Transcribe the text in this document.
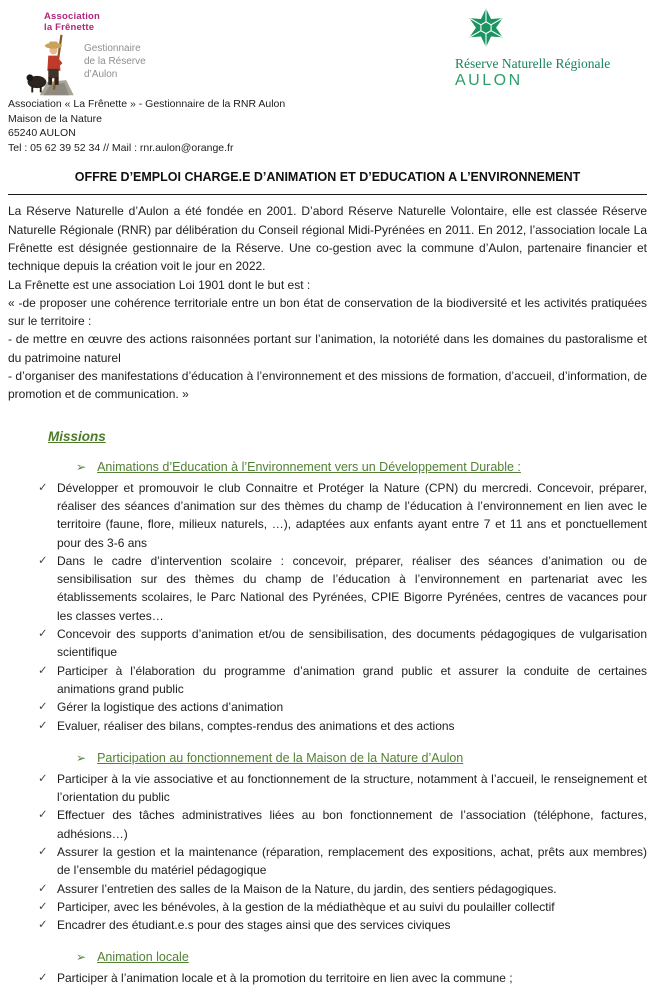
Association
la Frênette
Gestionnaire
de la Réserve
d’Aulon
Réserve Naturelle Régionale
AULON
Association « La Frênette » - Gestionnaire de la RNR Aulon
Maison de la Nature
65240 AULON
Tel : 05 62 39 52 34 // Mail : rnr.aulon@orange.fr
OFFRE D’EMPLOI CHARGE.E D’ANIMATION ET D’EDUCATION A L’ENVIRONNEMENT

La Réserve Naturelle d’Aulon a été fondée en 2001. D’abord Réserve Naturelle Volontaire, elle est classée Réserve Naturelle Régionale (RNR) par délibération du Conseil régional Midi-Pyrénées en 2011. En 2012, l’association locale La Frênette est désignée gestionnaire de la Réserve. Une co-gestion avec la commune d’Aulon, partenaire financier et technique depuis la création voit le jour en 2022.

La Frênette est une association Loi 1901 dont le but est :

« -de proposer une cohérence territoriale entre un bon état de conservation de la biodiversité et les activités pratiquées sur le territoire :

- de mettre en œuvre des actions raisonnées portant sur l’animation, la notoriété dans les domaines du pastoralisme et du patrimoine naturel

- d’organiser des manifestations d’éducation à l’environnement et des missions de formation, d’accueil, d’information, de promotion et de communication. »

Missions
➢ Animations d’Education à l’Environnement vers un Développement Durable :
✓ Développer et promouvoir le club Connaitre et Protéger la Nature (CPN) du mercredi. Concevoir, préparer, réaliser des séances d’animation sur des thèmes du champ de l’éducation à l’environnement en lien avec le territoire (faune, flore, milieux naturels, …), adaptées aux enfants ayant entre 7 et 11 ans et ponctuellement pour des 3-6 ans
✓ Dans le cadre d’intervention scolaire : concevoir, préparer, réaliser des séances d’animation ou de sensibilisation sur des thèmes du champ de l’éducation à l’environnement en partenariat avec les établissements scolaires, le Parc National des Pyrénées, CPIE Bigorre Pyrénées, centres de vacances pour les classes vertes…
✓ Concevoir des supports d’animation et/ou de sensibilisation, des documents pédagogiques de vulgarisation scientifique
✓ Participer à l’élaboration du programme d’animation grand public et assurer la conduite de certaines animations grand public
✓ Gérer la logistique des actions d’animation
✓ Evaluer, réaliser des bilans, comptes-rendus des animations et des actions
➢ Participation au fonctionnement de la Maison de la Nature d’Aulon
✓ Participer à la vie associative et au fonctionnement de la structure, notamment à l’accueil, le renseignement et l’orientation du public
✓ Effectuer des tâches administratives liées au bon fonctionnement de l’association (téléphone, factures, adhésions…)
✓ Assurer la gestion et la maintenance (réparation, remplacement des expositions, achat, prêts aux membres) de l’ensemble du matériel pédagogique
✓ Assurer l’entretien des salles de la Maison de la Nature, du jardin, des sentiers pédagogiques.
✓ Participer, avec les bénévoles, à la gestion de la médiathèque et au suivi du poulailler collectif
✓ Encadrer des étudiant.e.s pour des stages ainsi que des services civiques
➢ Animation locale
✓ Participer à l’animation locale et à la promotion du territoire en lien avec la commune ;
